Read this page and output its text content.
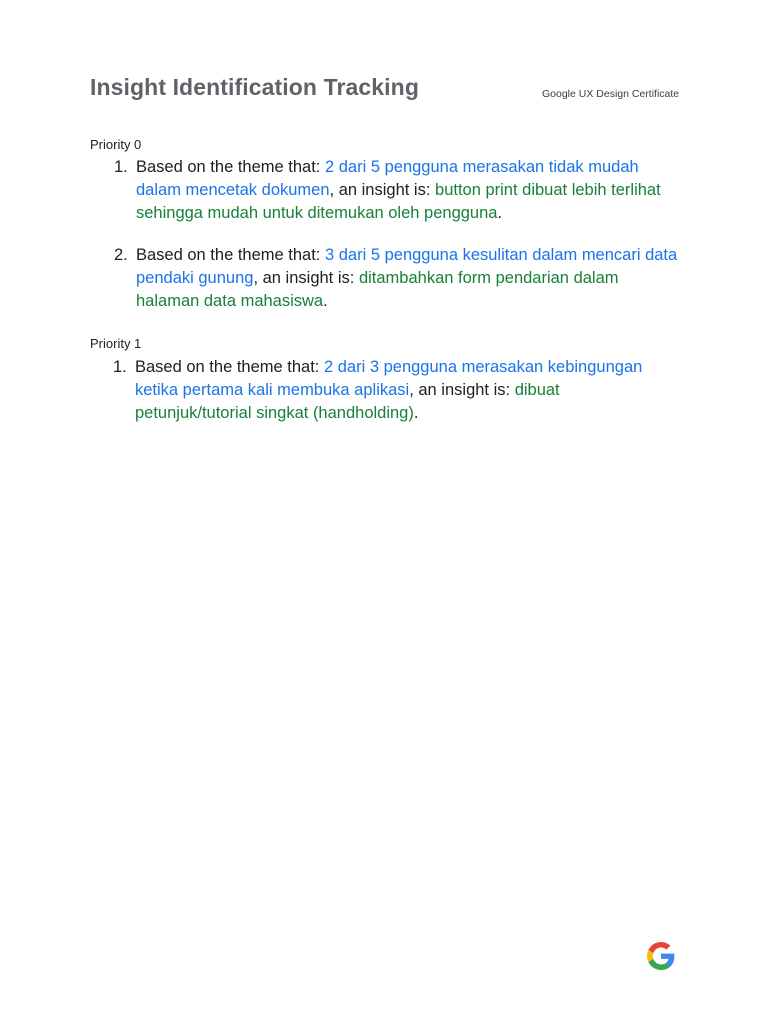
Insight Identification Tracking	Google UX Design Certificate
Priority 0
1. Based on the theme that: 2 dari 5 pengguna merasakan tidak mudah dalam mencetak dokumen, an insight is: button print dibuat lebih terlihat sehingga mudah untuk ditemukan oleh pengguna.
2. Based on the theme that: 3 dari 5 pengguna kesulitan dalam mencari data pendaki gunung, an insight is: ditambahkan form pendarian dalam halaman data mahasiswa.
Priority 1
1. Based on the theme that: 2 dari 3 pengguna merasakan kebingungan ketika pertama kali membuka aplikasi, an insight is: dibuat petunjuk/tutorial singkat (handholding).
